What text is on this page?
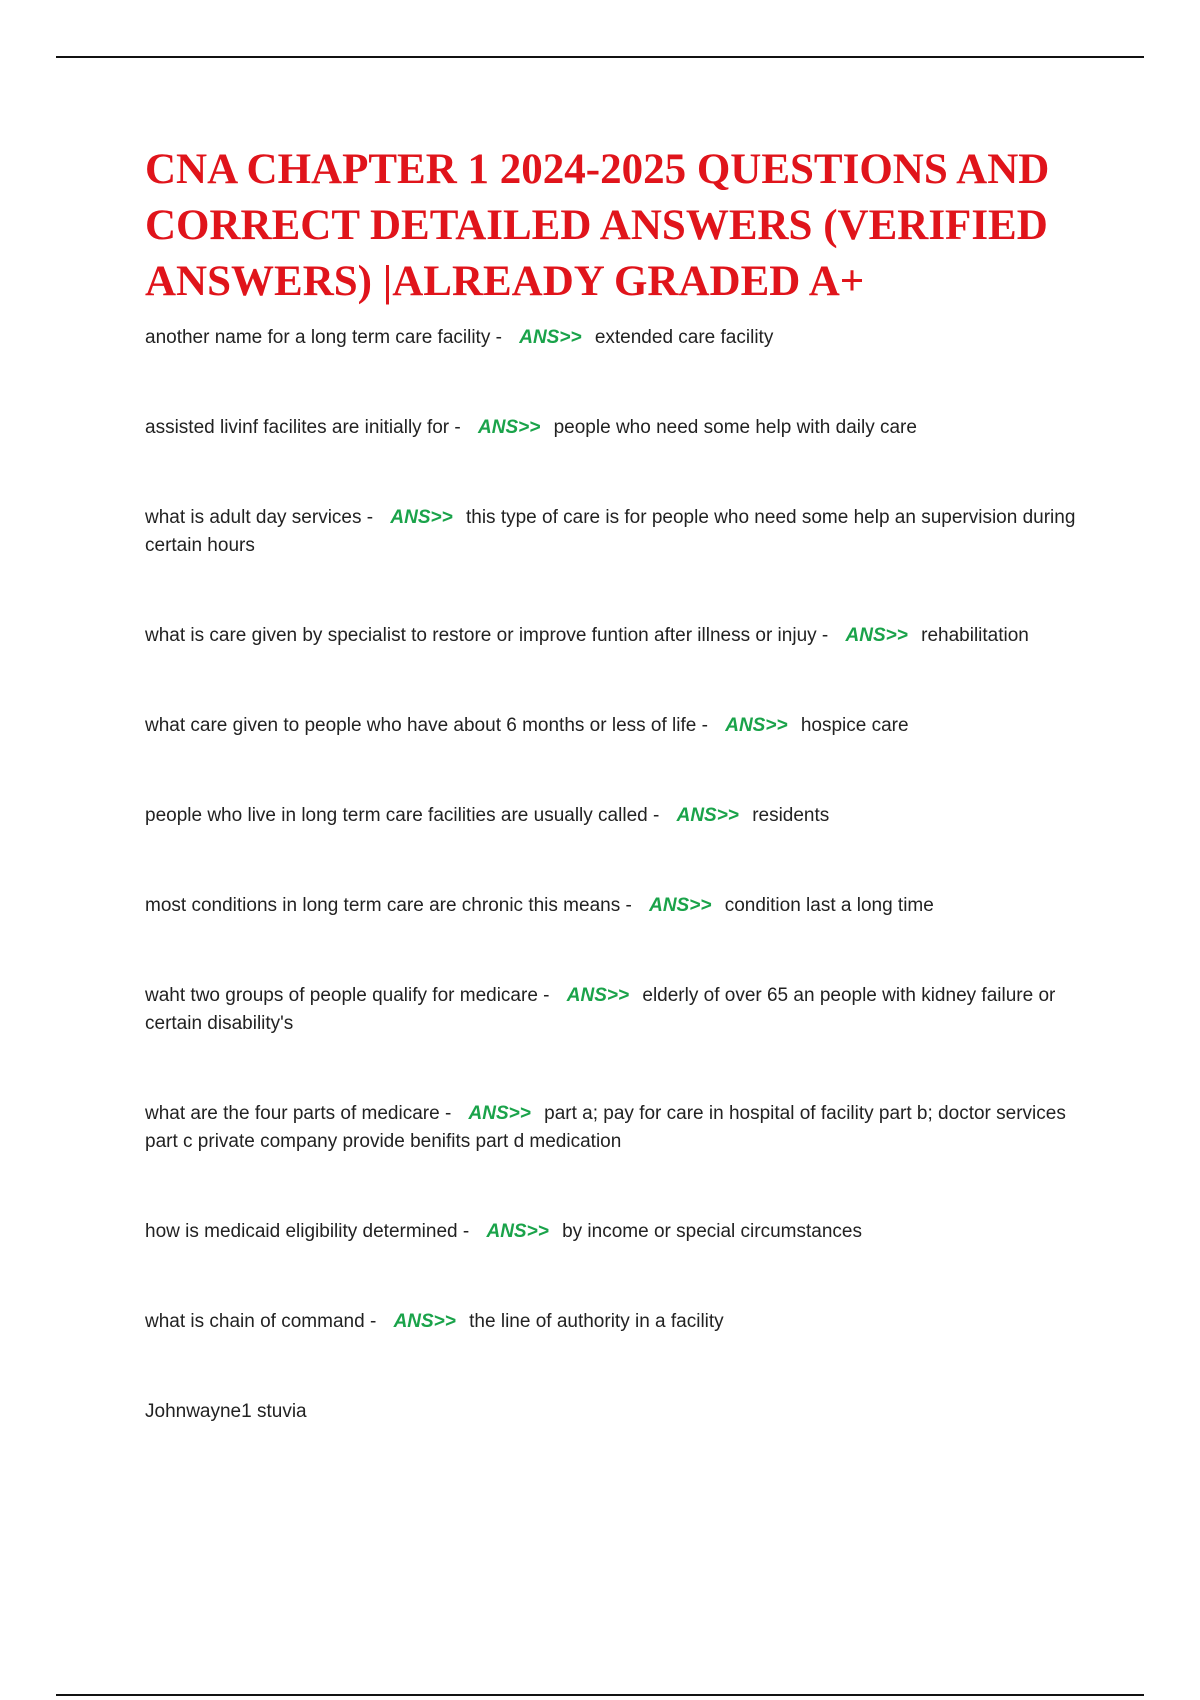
CNA CHAPTER 1 2024-2025 QUESTIONS AND CORRECT DETAILED ANSWERS (VERIFIED ANSWERS) |ALREADY GRADED A+
another name for a long term care facility - ANS>> extended care facility
assisted livinf facilites are initially for - ANS>> people who need some help with daily care
what is adult day services - ANS>> this type of care is for people who need some help an supervision during certain hours
what is care given by specialist to restore or improve funtion after illness or injuy - ANS>> rehabilitation
what care given to people who have about 6 months or less of life - ANS>> hospice care
people who live in long term care facilities are usually called - ANS>> residents
most conditions in long term care are chronic this means - ANS>> condition last a long time
waht two groups of people qualify for medicare - ANS>> elderly of over 65 an people with kidney failure or certain disability's
what are the four parts of medicare - ANS>> part a; pay for care in hospital of facility part b; doctor services part c private company provide benifits part d medication
how is medicaid eligibility determined - ANS>> by income or special circumstances
what is chain of command - ANS>> the line of authority in a facility
Johnwayne1 stuvia
